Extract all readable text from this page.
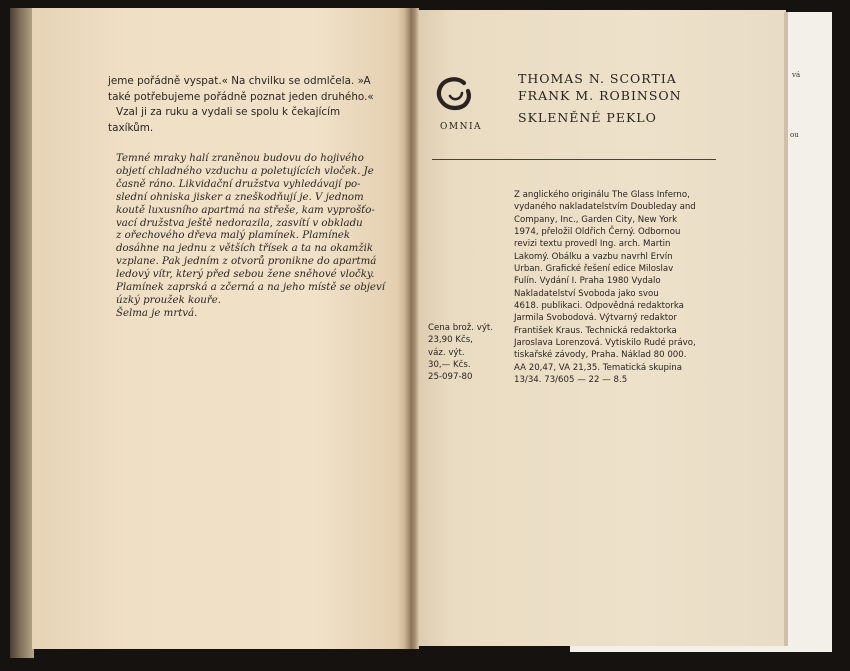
vá
ou
jeme pořádně vyspat.« Na chvilku se odmlčela. »A
také potřebujeme pořádně poznat jeden druhého.«
Vzal ji za ruku a vydali se spolu k čekajícím
taxíkům.
Temné mraky halí zraněnou budovu do hojivého
objetí chladného vzduchu a poletujících vloček. Je
časně ráno. Likvidační družstva vyhledávají po-
slední ohniska jisker a zneškodňují je. V jednom
koutě luxusního apartmá na střeše, kam vyprošťo-
vací družstva ještě nedorazila, zasvítí v obkladu
z ořechového dřeva malý plamínek. Plamínek
dosáhne na jednu z větších třísek a ta na okamžik
vzplane. Pak jedním z otvorů pronikne do apartmá
ledový vítr, který před sebou žene sněhové vločky.
Plamínek zaprská a zčerná a na jeho místě se objeví
úzký proužek kouře.
Šelma je mrtvá.
OMNIA
THOMAS N. SCORTIA
FRANK M. ROBINSON
SKLENĚNÉ PEKLO
Z anglického originálu The Glass Inferno,
vydaného nakladatelstvím Doubleday and
Company, Inc., Garden City, New York
1974, přeložil Oldřich Černý. Odbornou
revizi textu provedl Ing. arch. Martin
Lakomý. Obálku a vazbu navrhl Ervín
Urban. Grafické řešení edice Miloslav
Fulín. Vydání I. Praha 1980 Vydalo
Nakladatelství Svoboda jako svou
4618. publikaci. Odpovědná redaktorka
Jarmila Svobodová. Výtvarný redaktor
František Kraus. Technická redaktorka
Jaroslava Lorenzová. Vytiskilo Rudé právo,
tiskařské závody, Praha. Náklad 80 000.
AA 20,47, VA 21,35. Tematická skupina
13/34. 73/605 — 22 — 8.5
Cena brož. výt.
23,90 Kčs,
váz. výt.
30,— Kčs.
25-097-80
